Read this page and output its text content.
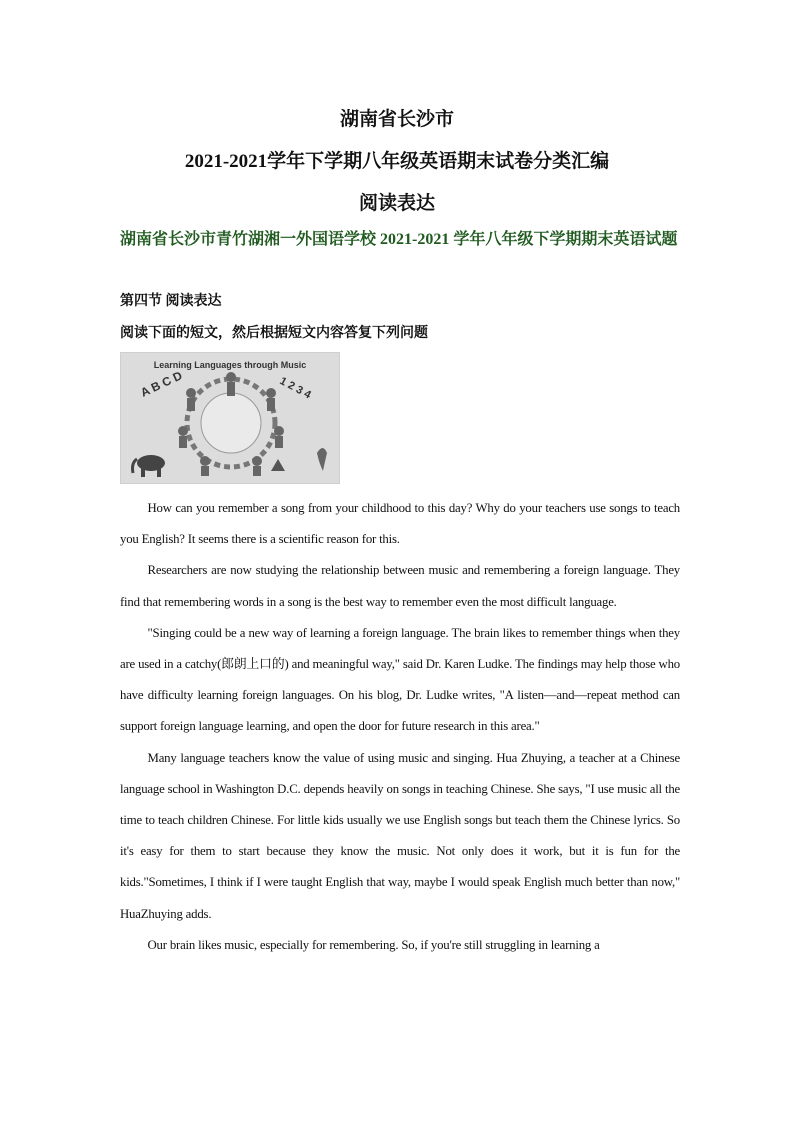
湖南省长沙市
2021-2021学年下学期八年级英语期末试卷分类汇编
阅读表达
湖南省长沙市青竹湖湘一外国语学校 2021-2021 学年八年级下学期期末英语试题
第四节 阅读表达
阅读下面的短文，然后根据短文内容答复下列问题
Learning Languages through Music
A B C D	1 2 3 4

How can you remember a song from your childhood to this day? Why do your teachers use songs to teach you English? It seems there is a scientific reason for this.

Researchers are now studying the relationship between music and remembering a foreign language. They find that remembering words in a song is the best way to remember even the most difficult language.

"Singing could be a new way of learning a foreign language. The brain likes to remember things when they are used in a catchy(郎朗上口的) and meaningful way," said Dr. Karen Ludke. The findings may help those who have difficulty learning foreign languages. On his blog, Dr. Ludke writes, "A listen—and—repeat method can support foreign language learning, and open the door for future research in this area."

Many language teachers know the value of using music and singing. Hua Zhuying, a teacher at a Chinese language school in Washington D.C. depends heavily on songs in teaching Chinese. She says, "I use music all the time to teach children Chinese. For little kids usually we use English songs but teach them the Chinese lyrics. So it's easy for them to start because they know the music. Not only does it work, but it is fun for the kids."Sometimes, I think if I were taught English that way, maybe I would speak English much better than now," HuaZhuying adds.

Our brain likes music, especially for remembering. So, if you're still struggling in learning a
